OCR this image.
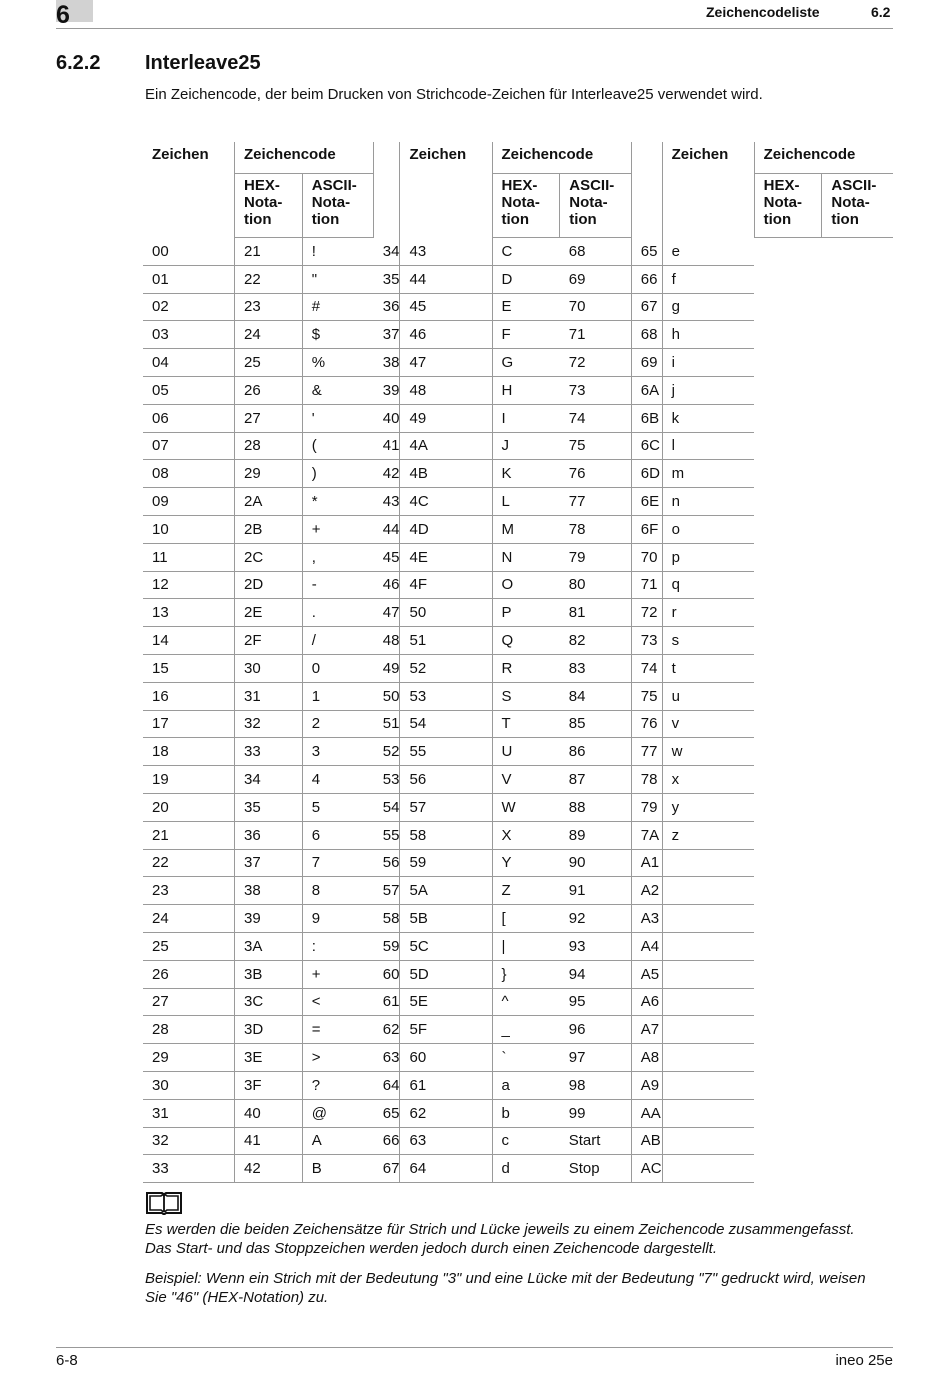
6	Zeichencodeliste	6.2
6.2.2 Interleave25
Ein Zeichencode, der beim Drucken von Strichcode-Zeichen für Interleave25 verwendet wird.
Zeichen	Zeichencode			Zeichen	Zeichencode			Zeichen	Zeichencode	
	HEX-
Nota-
tion	ASCII-
Nota-
tion			HEX-
Nota-
tion	ASCII-
Nota-
tion			HEX-
Nota-
tion	ASCII-
Nota-
tion
00	21	!	34	43	C	68	65	e		
01	22	"	35	44	D	69	66	f		
02	23	#	36	45	E	70	67	g		
03	24	$	37	46	F	71	68	h		
04	25	%	38	47	G	72	69	i		
05	26	&	39	48	H	73	6A	j		
06	27	'	40	49	I	74	6B	k		
07	28	(	41	4A	J	75	6C	l		
08	29	)	42	4B	K	76	6D	m		
09	2A	*	43	4C	L	77	6E	n		
10	2B	+	44	4D	M	78	6F	o		
11	2C	,	45	4E	N	79	70	p		
12	2D	-	46	4F	O	80	71	q		
13	2E	.	47	50	P	81	72	r		
14	2F	/	48	51	Q	82	73	s		
15	30	0	49	52	R	83	74	t		
16	31	1	50	53	S	84	75	u		
17	32	2	51	54	T	85	76	v		
18	33	3	52	55	U	86	77	w		
19	34	4	53	56	V	87	78	x		
20	35	5	54	57	W	88	79	y		
21	36	6	55	58	X	89	7A	z		
22	37	7	56	59	Y	90	A1			
23	38	8	57	5A	Z	91	A2			
24	39	9	58	5B	[	92	A3			
25	3A	:	59	5C	|	93	A4			
26	3B	+	60	5D	}	94	A5			
27	3C	<	61	5E	^	95	A6			
28	3D	=	62	5F	_	96	A7			
29	3E	>	63	60	`	97	A8			
30	3F	?	64	61	a	98	A9			
31	40	@	65	62	b	99	AA			
32	41	A	66	63	c	Start	AB			
33	42	B	67	64	d	Stop	AC			

Es werden die beiden Zeichensätze für Strich und Lücke jeweils zu einem Zeichencode zusammengefasst.

Das Start- und das Stoppzeichen werden jedoch durch einen Zeichencode dargestellt.

Beispiel: Wenn ein Strich mit der Bedeutung "3" und eine Lücke mit der Bedeutung "7" gedruckt wird, weisen

Sie "46" (HEX-Notation) zu.

6-8	ineo 25e
